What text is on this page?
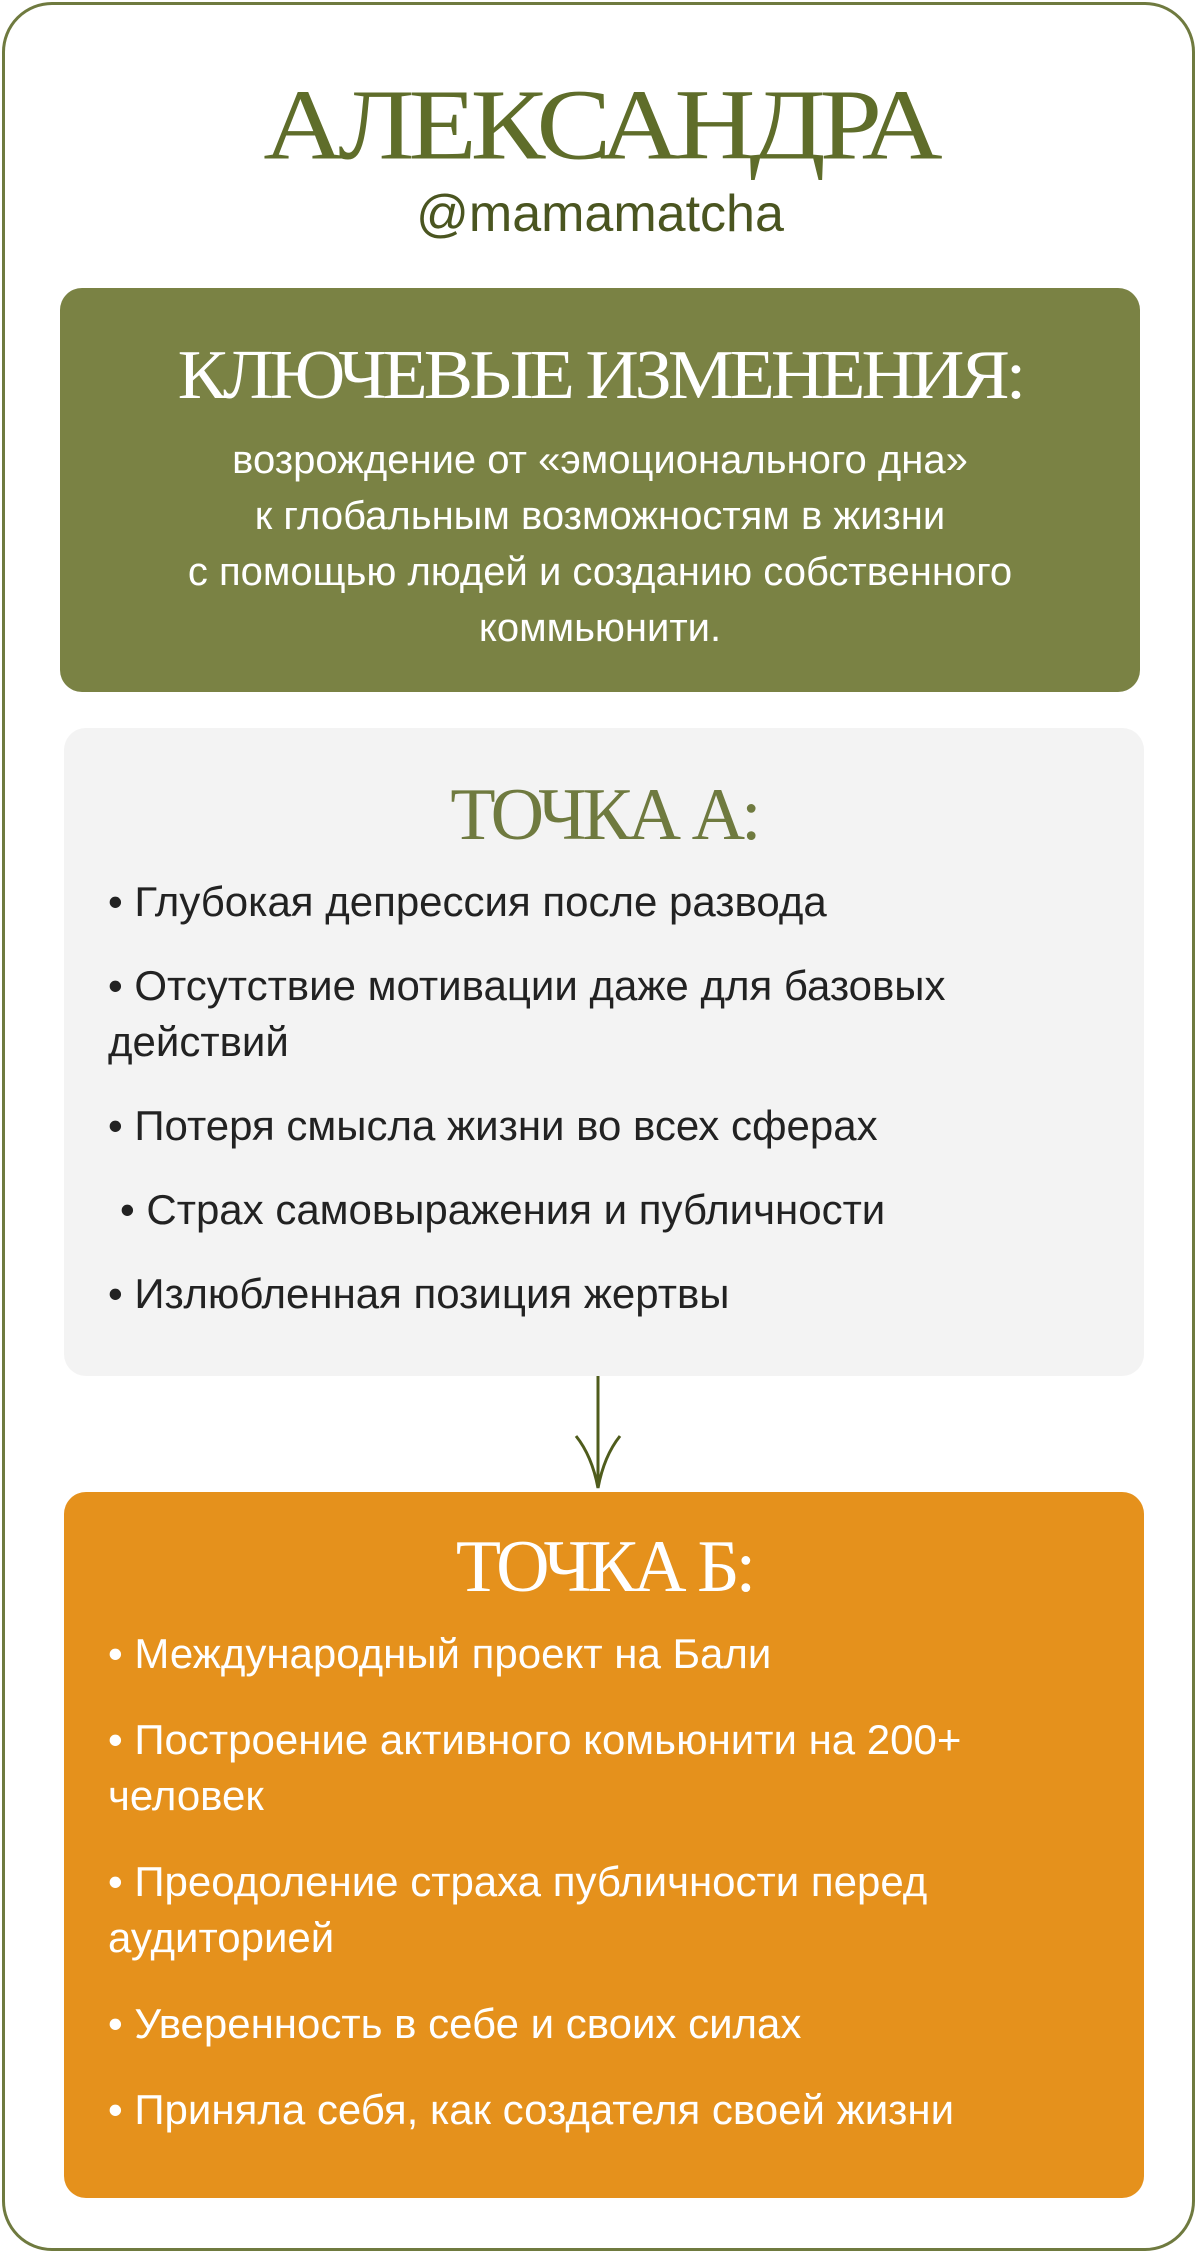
АЛЕКСАНДРА
@mamamatcha
КЛЮЧЕВЫЕ ИЗМЕНЕНИЯ:
возрождение от «эмоционального дна»
к глобальным возможностям в жизни
с помощью людей и созданию собственного
коммьюнити.
ТОЧКА А:
• Глубокая депрессия после развода
• Отсутствие мотивации даже для базовых действий
• Потеря смысла жизни во всех сферах
• Страх самовыражения и публичности
• Излюбленная позиция жертвы
ТОЧКА Б:
• Международный проект на Бали
• Построение активного комьюнити на 200+ человек
• Преодоление страха публичности перед аудиторией
• Уверенность в себе и своих силах
• Приняла себя, как создателя своей жизни
